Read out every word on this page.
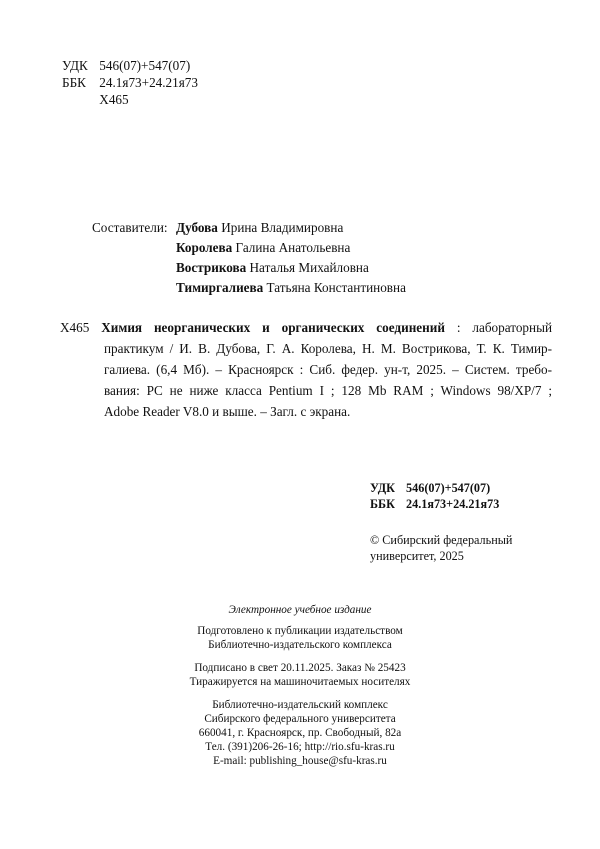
УДК 546(07)+547(07)
ББК 24.1я73+24.21я73
Х465
Составители: Дубова Ирина Владимировна
Королева Галина Анатольевна
Вострикова Наталья Михайловна
Тимиргалиева Татьяна Константиновна
Х465 Химия неорганических и органических соединений : лабораторный
практикум / И. В. Дубова, Г. А. Королева, Н. М. Вострикова, Т. К. Тимир-
галиева. (6,4 Мб). – Красноярск : Сиб. федер. ун-т, 2025. – Систем. требо-
вания: PC не ниже класса Pentium I ; 128 Mb RAM ; Windows 98/XP/7 ;
Adobe Reader V8.0 и выше. – Загл. с экрана.
УДК 546(07)+547(07)
ББК 24.1я73+24.21я73
© Сибирский федеральный
университет, 2025
Электронное учебное издание
Подготовлено к публикации издательством
Библиотечно-издательского комплекса
Подписано в свет 20.11.2025. Заказ № 25423
Тиражируется на машиночитаемых носителях
Библиотечно-издательский комплекс
Сибирского федерального университета
660041, г. Красноярск, пр. Свободный, 82а
Тел. (391)206-26-16; http://rio.sfu-kras.ru
E-mail: publishing_house@sfu-kras.ru
